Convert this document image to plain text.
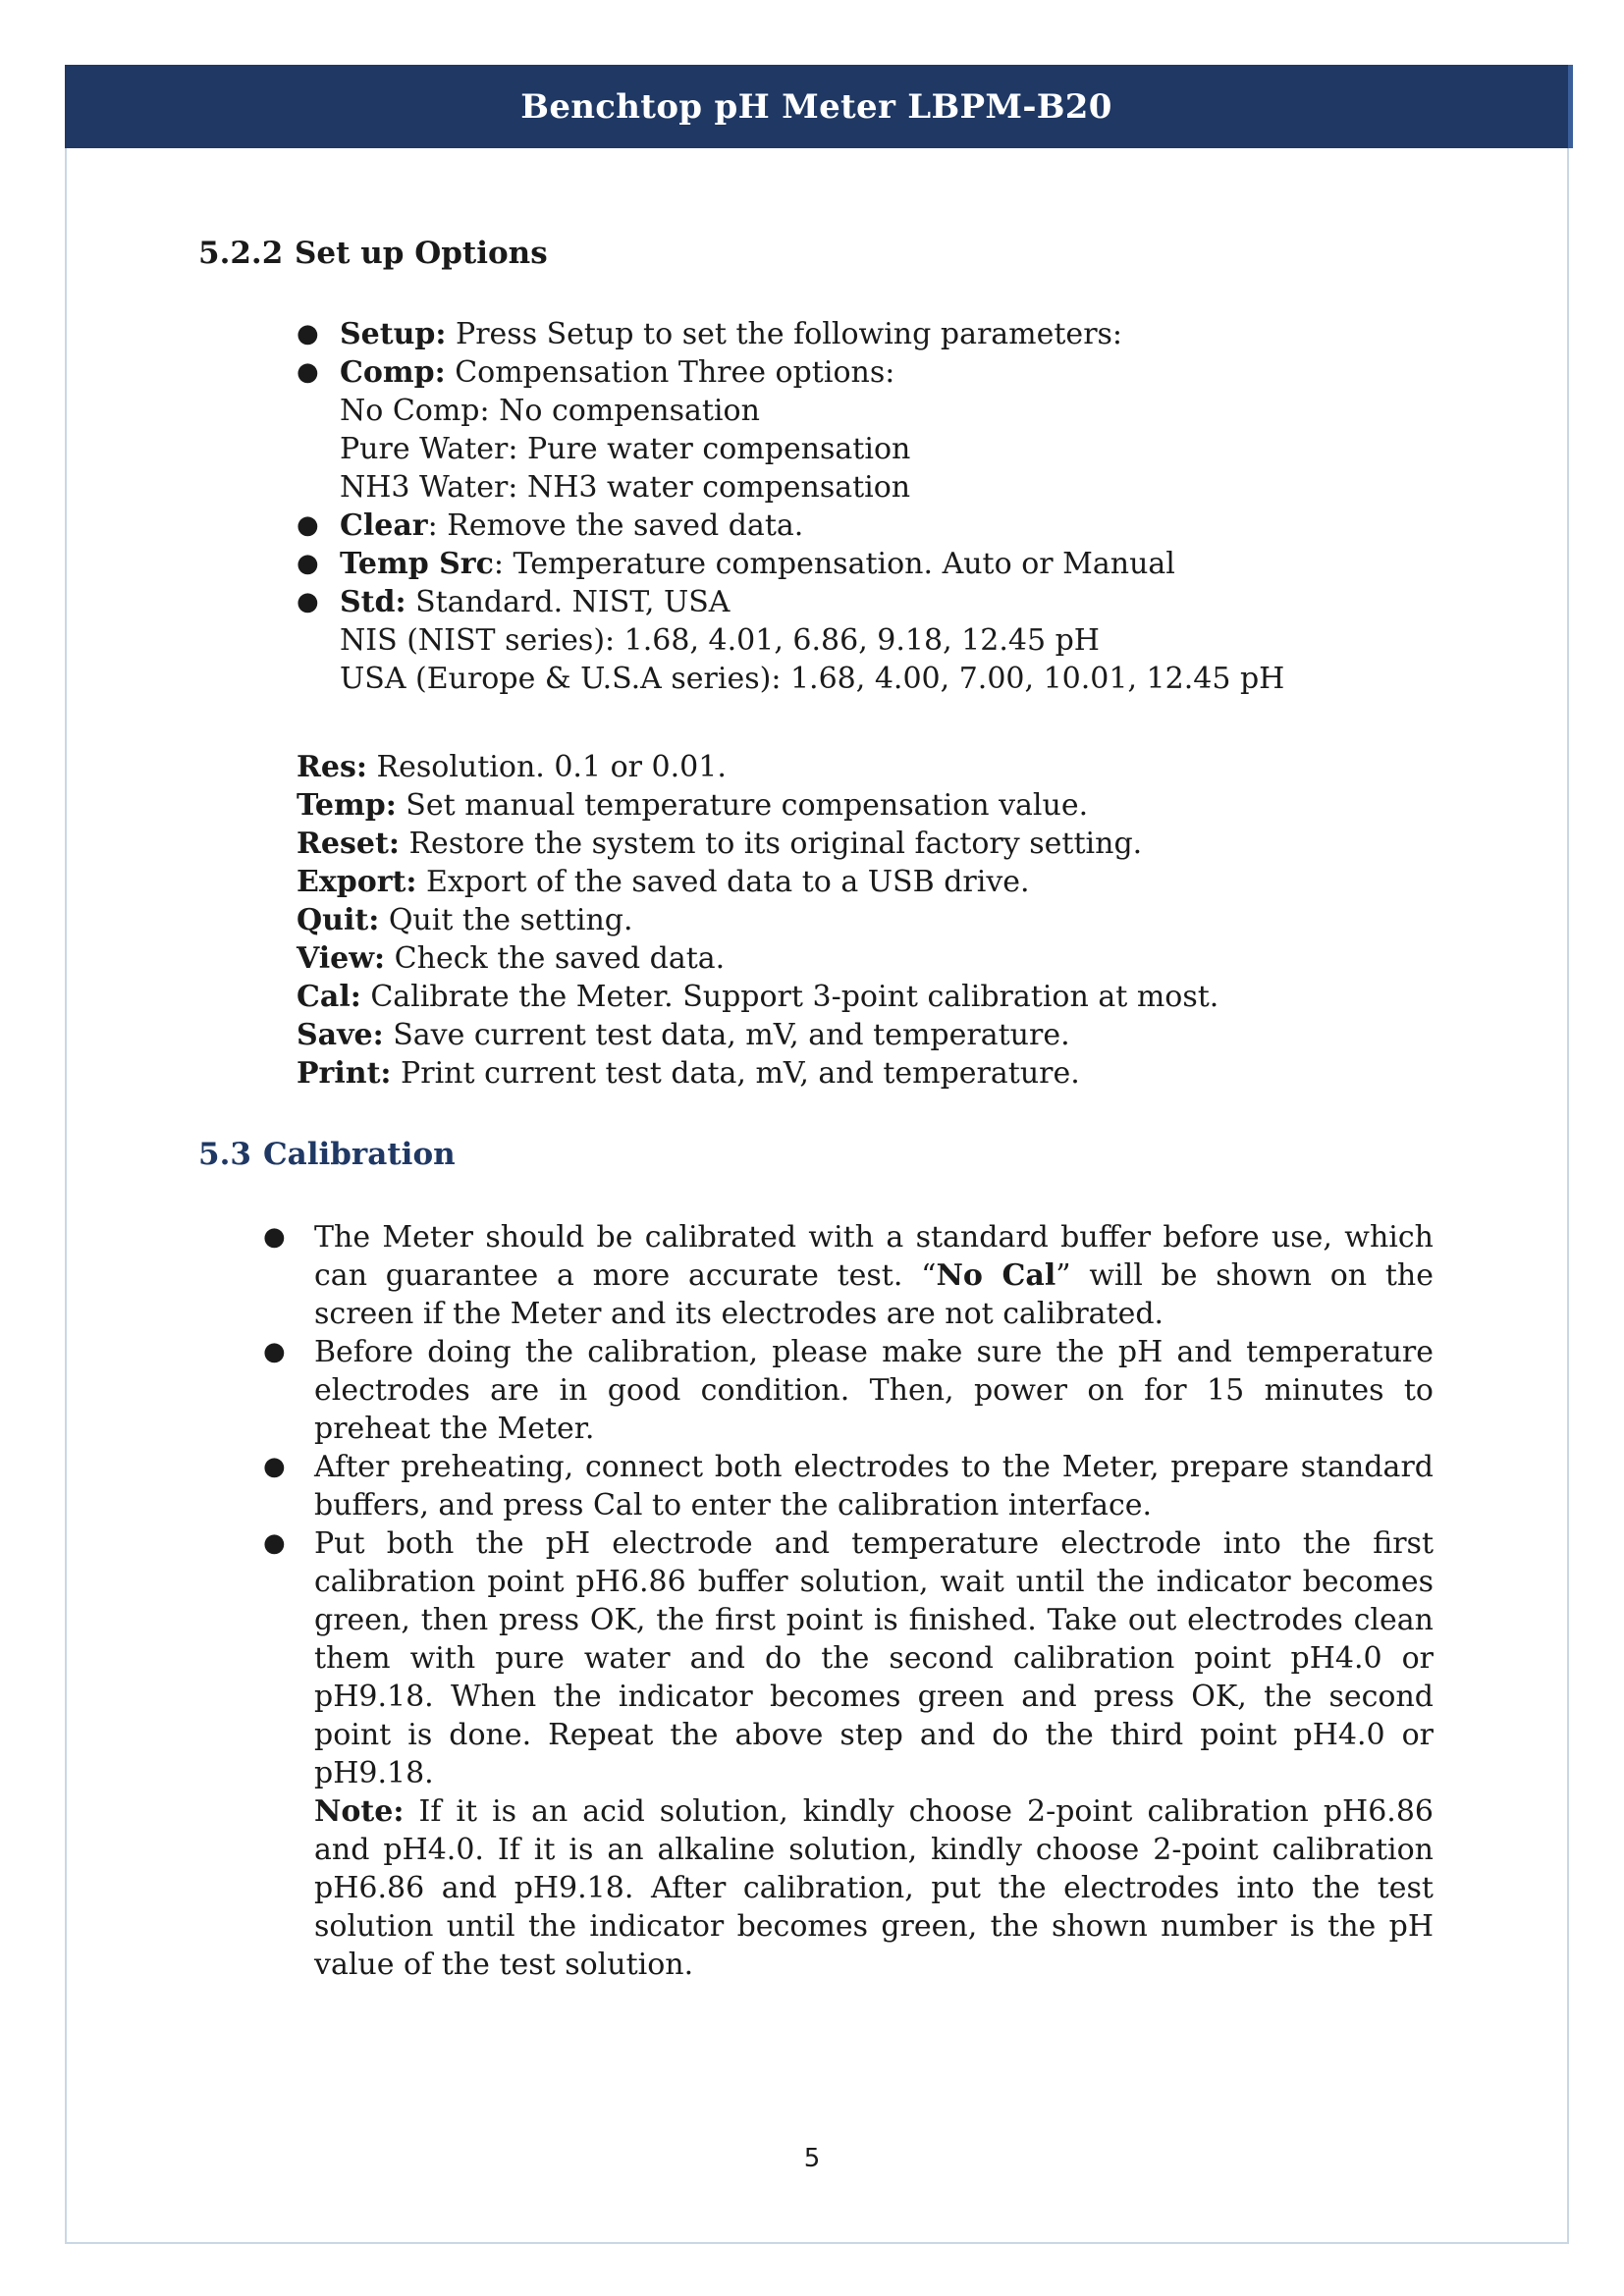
Benchtop pH Meter LBPM-B20
5.2.2 Set up Options
● Setup: Press Setup to set the following parameters:
● Comp: Compensation Three options:
No Comp: No compensation
Pure Water: Pure water compensation
NH3 Water: NH3 water compensation
● Clear: Remove the saved data.
● Temp Src: Temperature compensation. Auto or Manual
● Std: Standard. NIST, USA
NIS (NIST series): 1.68, 4.01, 6.86, 9.18, 12.45 pH
USA (Europe & U.S.A series): 1.68, 4.00, 7.00, 10.01, 12.45 pH
Res: Resolution. 0.1 or 0.01.
Temp: Set manual temperature compensation value.
Reset: Restore the system to its original factory setting.
Export: Export of the saved data to a USB drive.
Quit: Quit the setting.
View: Check the saved data.
Cal: Calibrate the Meter. Support 3-point calibration at most.
Save: Save current test data, mV, and temperature.
Print: Print current test data, mV, and temperature.
5.3 Calibration
● The Meter should be calibrated with a standard buffer before use, which can guarantee a more accurate test. “No Cal” will be shown on the screen if the Meter and its electrodes are not calibrated.
● Before doing the calibration, please make sure the pH and temperature electrodes are in good condition. Then, power on for 15 minutes to preheat the Meter.
● After preheating, connect both electrodes to the Meter, prepare standard buffers, and press Cal to enter the calibration interface.
● Put both the pH electrode and temperature electrode into the first calibration point pH6.86 buffer solution, wait until the indicator becomes green, then press OK, the first point is finished. Take out electrodes clean them with pure water and do the second calibration point pH4.0 or pH9.18. When the indicator becomes green and press OK, the second point is done. Repeat the above step and do the third point pH4.0 or pH9.18.
Note: If it is an acid solution, kindly choose 2-point calibration pH6.86 and pH4.0. If it is an alkaline solution, kindly choose 2-point calibration pH6.86 and pH9.18. After calibration, put the electrodes into the test solution until the indicator becomes green, the shown number is the pH value of the test solution.
5
